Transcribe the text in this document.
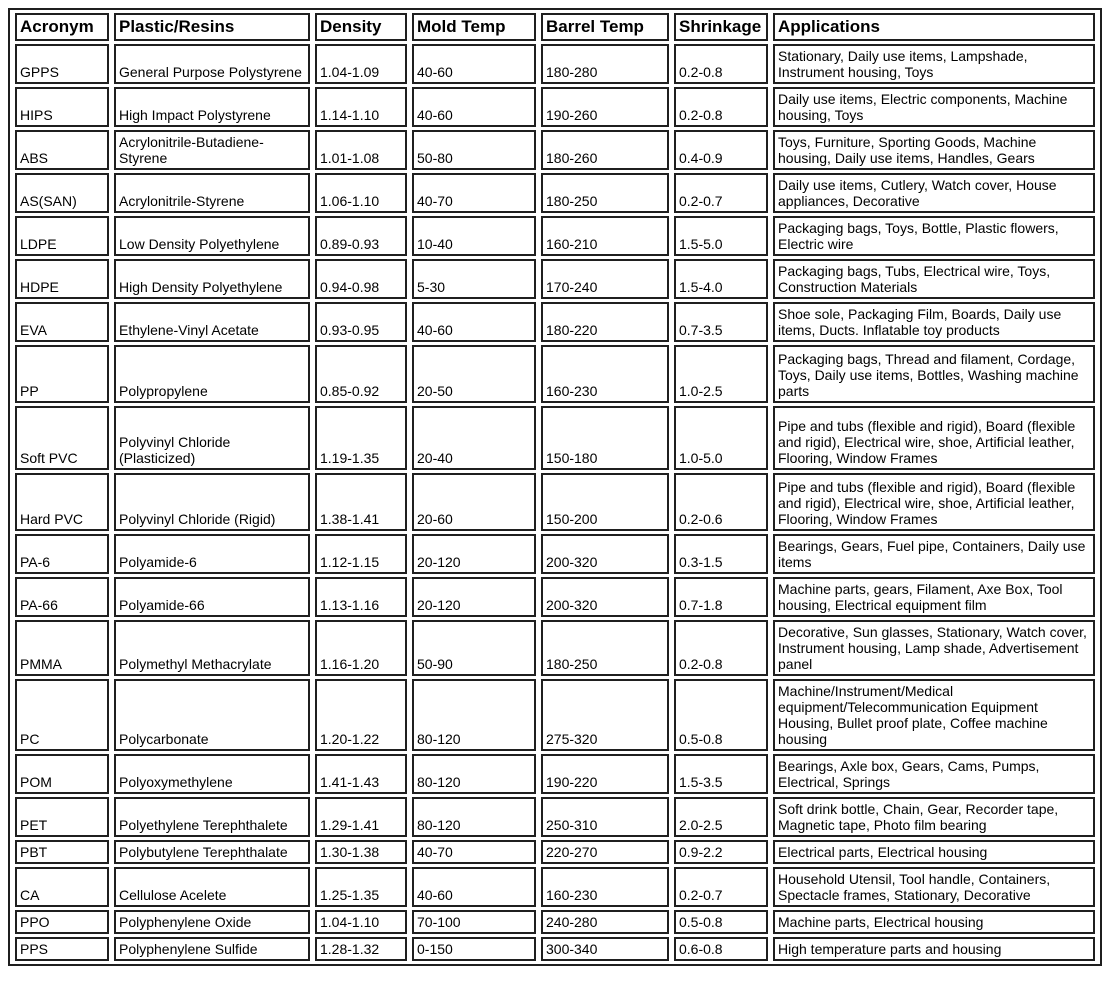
Acronym	Plastic/Resins	Density	Mold Temp	Barrel Temp	Shrinkage	Applications
GPPS	General Purpose Polystyrene	1.04-1.09	40-60	180-280	0.2-0.8	Stationary, Daily use items, Lampshade, Instrument housing, Toys
HIPS	High Impact Polystyrene	1.14-1.10	40-60	190-260	0.2-0.8	Daily use items, Electric components, Machine housing, Toys
ABS	Acrylonitrile-Butadiene-Styrene	1.01-1.08	50-80	180-260	0.4-0.9	Toys, Furniture, Sporting Goods, Machine housing, Daily use items, Handles, Gears
AS(SAN)	Acrylonitrile-Styrene	1.06-1.10	40-70	180-250	0.2-0.7	Daily use items, Cutlery, Watch cover, House appliances, Decorative
LDPE	Low Density Polyethylene	0.89-0.93	10-40	160-210	1.5-5.0	Packaging bags, Toys, Bottle, Plastic flowers, Electric wire
HDPE	High Density Polyethylene	0.94-0.98	5-30	170-240	1.5-4.0	Packaging bags, Tubs, Electrical wire, Toys, Construction Materials
EVA	Ethylene-Vinyl Acetate	0.93-0.95	40-60	180-220	0.7-3.5	Shoe sole, Packaging Film, Boards, Daily use items, Ducts. Inflatable toy products
PP	Polypropylene	0.85-0.92	20-50	160-230	1.0-2.5	Packaging bags, Thread and filament, Cordage, Toys, Daily use items, Bottles, Washing machine parts
Soft PVC	Polyvinyl Chloride (Plasticized)	1.19-1.35	20-40	150-180	1.0-5.0	Pipe and tubs (flexible and rigid), Board (flexible and rigid), Electrical wire, shoe, Artificial leather, Flooring, Window Frames
Hard PVC	Polyvinyl Chloride (Rigid)	1.38-1.41	20-60	150-200	0.2-0.6	Pipe and tubs (flexible and rigid), Board (flexible and rigid), Electrical wire, shoe, Artificial leather, Flooring, Window Frames
PA-6	Polyamide-6	1.12-1.15	20-120	200-320	0.3-1.5	Bearings, Gears, Fuel pipe, Containers, Daily use items
PA-66	Polyamide-66	1.13-1.16	20-120	200-320	0.7-1.8	Machine parts, gears, Filament, Axe Box, Tool housing, Electrical equipment film
PMMA	Polymethyl Methacrylate	1.16-1.20	50-90	180-250	0.2-0.8	Decorative, Sun glasses, Stationary, Watch cover, Instrument housing, Lamp shade, Advertisement panel
PC	Polycarbonate	1.20-1.22	80-120	275-320	0.5-0.8	Machine/Instrument/Medical equipment/Telecommunication Equipment Housing, Bullet proof plate, Coffee machine housing
POM	Polyoxymethylene	1.41-1.43	80-120	190-220	1.5-3.5	Bearings, Axle box, Gears, Cams, Pumps, Electrical, Springs
PET	Polyethylene Terephthalete	1.29-1.41	80-120	250-310	2.0-2.5	Soft drink bottle, Chain, Gear, Recorder tape, Magnetic tape, Photo film bearing
PBT	Polybutylene Terephthalate	1.30-1.38	40-70	220-270	0.9-2.2	Electrical parts, Electrical housing
CA	Cellulose Acelete	1.25-1.35	40-60	160-230	0.2-0.7	Household Utensil, Tool handle, Containers, Spectacle frames, Stationary, Decorative
PPO	Polyphenylene Oxide	1.04-1.10	70-100	240-280	0.5-0.8	Machine parts, Electrical housing
PPS	Polyphenylene Sulfide	1.28-1.32	0-150	300-340	0.6-0.8	High temperature parts and housing
